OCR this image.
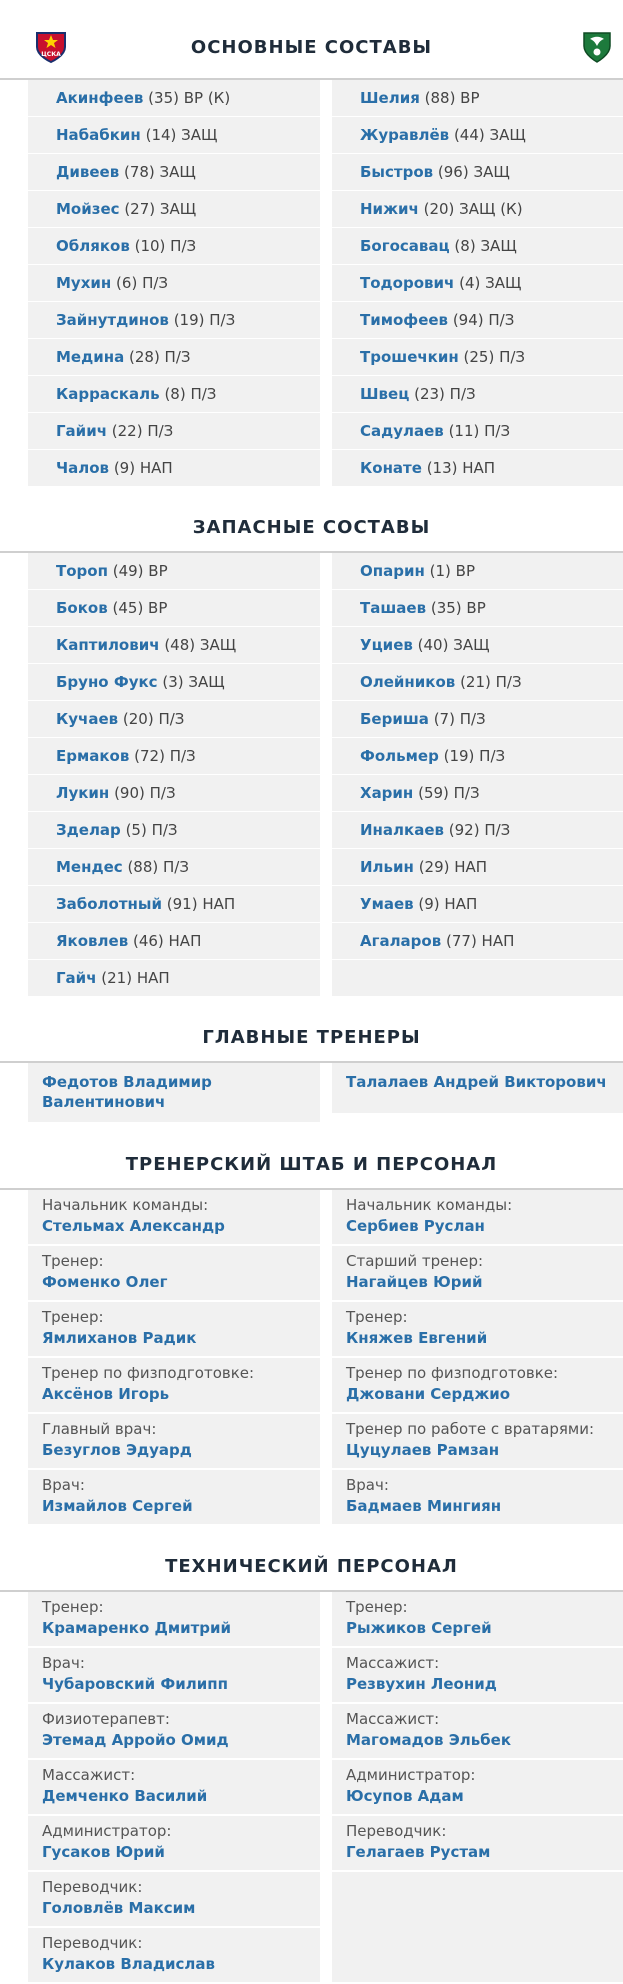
ЦСКА	ОСНОВНЫЕ СОСТАВЫ
Акинфеев (35) ВР (К)
Набабкин (14) ЗАЩ
Дивеев (78) ЗАЩ
Мойзес (27) ЗАЩ
Обляков (10) П/З
Мухин (6) П/З
Зайнутдинов (19) П/З
Медина (28) П/З
Карраскаль (8) П/З
Гайич (22) П/З
Чалов (9) НАП
Шелия (88) ВР
Журавлёв (44) ЗАЩ
Быстров (96) ЗАЩ
Нижич (20) ЗАЩ (К)
Богосавац (8) ЗАЩ
Тодорович (4) ЗАЩ
Тимофеев (94) П/З
Трошечкин (25) П/З
Швец (23) П/З
Садулаев (11) П/З
Конате (13) НАП
ЗАПАСНЫЕ СОСТАВЫ
Тороп (49) ВР
Боков (45) ВР
Каптилович (48) ЗАЩ
Бруно Фукс (3) ЗАЩ
Кучаев (20) П/З
Ермаков (72) П/З
Лукин (90) П/З
Зделар (5) П/З
Мендес (88) П/З
Заболотный (91) НАП
Яковлев (46) НАП
Гайч (21) НАП
Опарин (1) ВР
Ташаев (35) ВР
Уциев (40) ЗАЩ
Олейников (21) П/З
Бериша (7) П/З
Фольмер (19) П/З
Харин (59) П/З
Иналкаев (92) П/З
Ильин (29) НАП
Умаев (9) НАП
Агаларов (77) НАП
ГЛАВНЫЕ ТРЕНЕРЫ
Федотов Владимир Валентинович
Талалаев Андрей Викторович
ТРЕНЕРСКИЙ ШТАБ И ПЕРСОНАЛ
Начальник команды:
Стельмах Александр
Тренер:
Фоменко Олег
Тренер:
Ямлиханов Радик
Тренер по физподготовке:
Аксёнов Игорь
Главный врач:
Безуглов Эдуард
Врач:
Измайлов Сергей
Начальник команды:
Сербиев Руслан
Старший тренер:
Нагайцев Юрий
Тренер:
Княжев Евгений
Тренер по физподготовке:
Джовани Серджио
Тренер по работе с вратарями:
Цуцулаев Рамзан
Врач:
Бадмаев Мингиян
ТЕХНИЧЕСКИЙ ПЕРСОНАЛ
Тренер:
Крамаренко Дмитрий
Врач:
Чубаровский Филипп
Физиотерапевт:
Этемад Арройо Омид
Массажист:
Демченко Василий
Администратор:
Гусаков Юрий
Переводчик:
Головлёв Максим
Переводчик:
Кулаков Владислав
Тренер:
Рыжиков Сергей
Массажист:
Резвухин Леонид
Массажист:
Магомадов Эльбек
Администратор:
Юсупов Адам
Переводчик:
Гелагаев Рустам
